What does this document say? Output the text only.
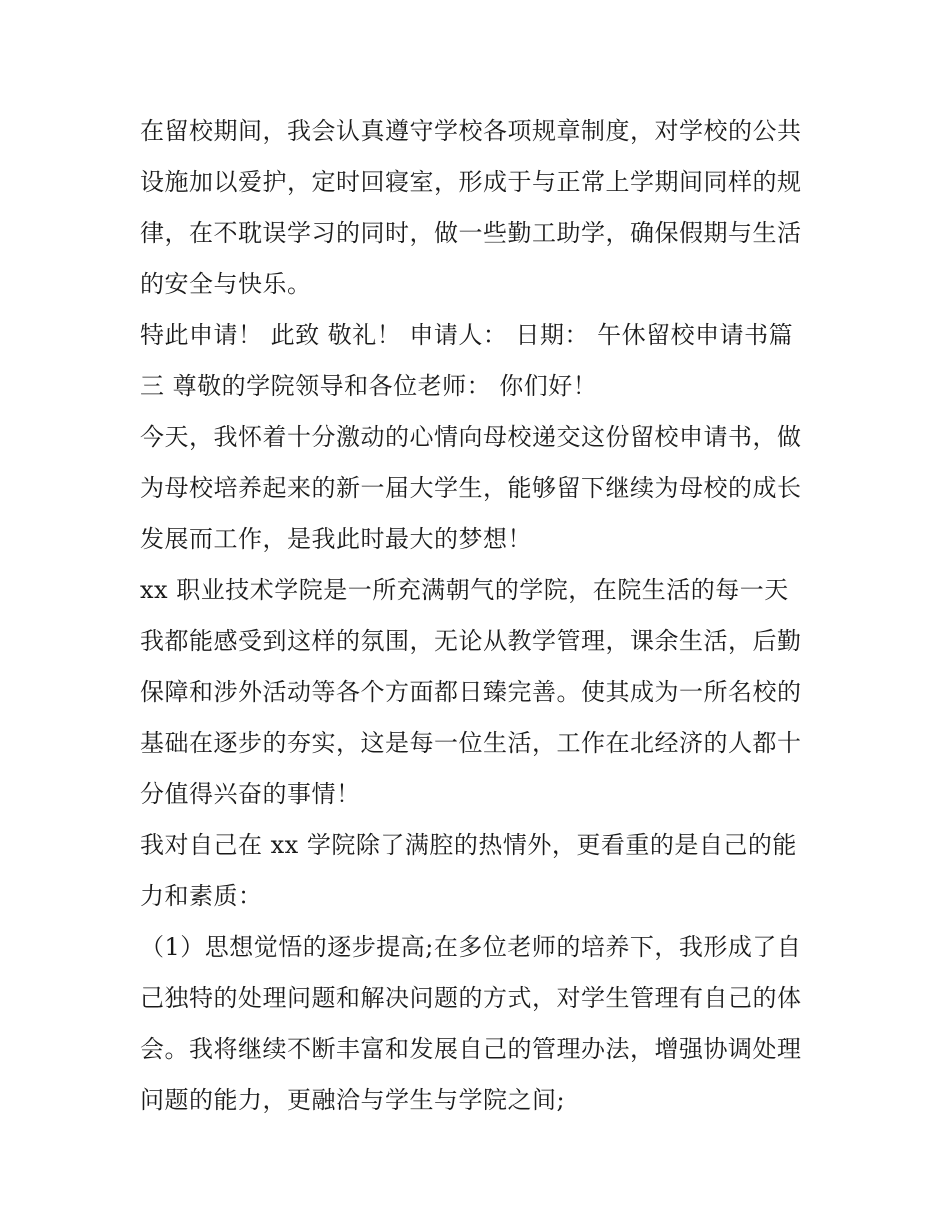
在留校期间，我会认真遵守学校各项规章制度，对学校的公共
设施加以爱护，定时回寝室，形成于与正常上学期间同样的规
律，在不耽误学习的同时，做一些勤工助学，确保假期与生活
的安全与快乐。
特此申请！ 此致 敬礼！ 申请人： 日期： 午休留校申请书篇
三 尊敬的学院领导和各位老师： 你们好！
今天，我怀着十分激动的心情向母校递交这份留校申请书，做
为母校培养起来的新一届大学生，能够留下继续为母校的成长
发展而工作，是我此时最大的梦想！
xx 职业技术学院是一所充满朝气的学院，在院生活的每一天
我都能感受到这样的氛围，无论从教学管理，课余生活，后勤
保障和涉外活动等各个方面都日臻完善。使其成为一所名校的
基础在逐步的夯实，这是每一位生活，工作在北经济的人都十
分值得兴奋的事情！
我对自己在 xx 学院除了满腔的热情外，更看重的是自己的能
力和素质：
（1）思想觉悟的逐步提高;在多位老师的培养下，我形成了自
己独特的处理问题和解决问题的方式，对学生管理有自己的体
会。我将继续不断丰富和发展自己的管理办法，增强协调处理
问题的能力，更融洽与学生与学院之间;
